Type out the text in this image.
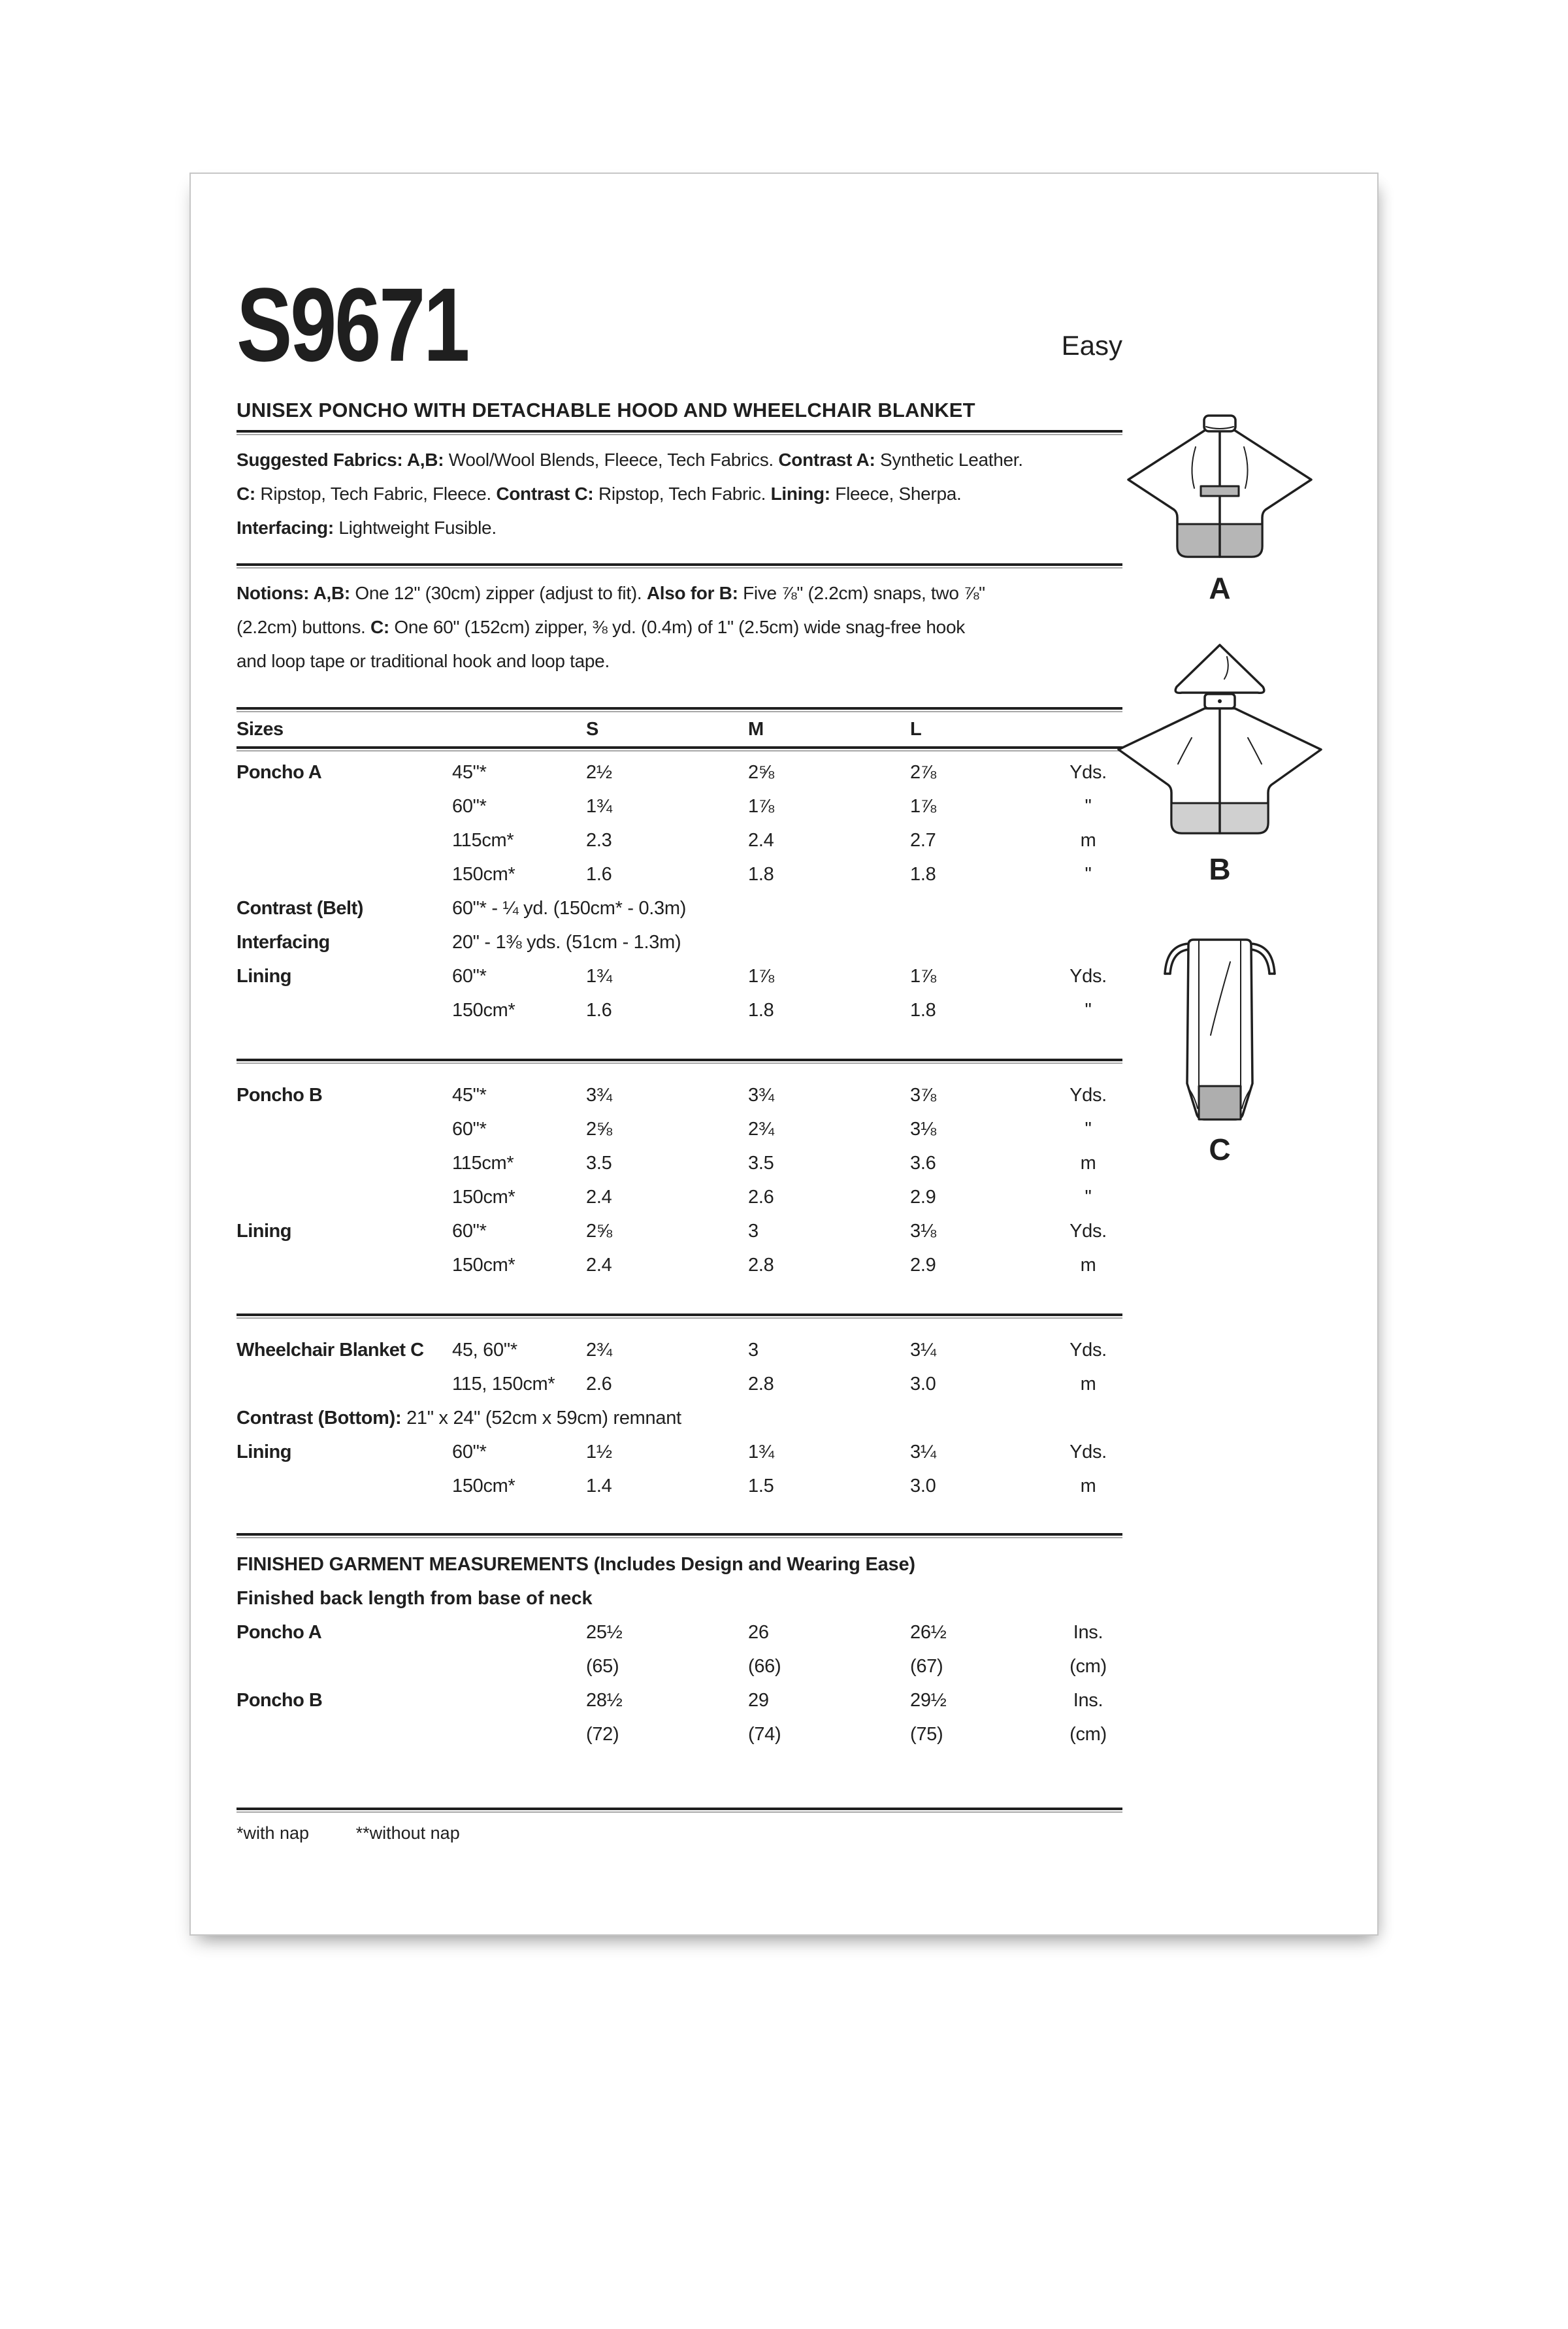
S9671	Easy
UNISEX PONCHO WITH DETACHABLE HOOD AND WHEELCHAIR BLANKET

Suggested Fabrics: A,B: Wool/Wool Blends, Fleece, Tech Fabrics. Contrast A: Synthetic Leather.
C: Ripstop, Tech Fabric, Fleece. Contrast C: Ripstop, Tech Fabric. Lining: Fleece, Sherpa.
Interfacing: Lightweight Fusible.

Notions: A,B: One 12" (30cm) zipper (adjust to fit). Also for B: Five ⅞" (2.2cm) snaps, two ⅞"
(2.2cm) buttons. C: One 60" (152cm) zipper, ⅜ yd. (0.4m) of 1" (2.5cm) wide snag-free hook
and loop tape or traditional hook and loop tape.

Sizes	S	M	L
Poncho A	45"*	2½	2⅝	2⅞	Yds.
60"*	1¾	1⅞	1⅞	"
115cm*	2.3	2.4	2.7	m
150cm*	1.6	1.8	1.8	"
Contrast (Belt)	60"* - ¼ yd. (150cm* - 0.3m)
Interfacing	20" - 1⅜ yds. (51cm - 1.3m)
Lining	60"*	1¾	1⅞	1⅞	Yds.
150cm*	1.6	1.8	1.8	"
Poncho B	45"*	3¾	3¾	3⅞	Yds.
60"*	2⅝	2¾	3⅛	"
115cm*	3.5	3.5	3.6	m
150cm*	2.4	2.6	2.9	"
Lining	60"*	2⅝	3	3⅛	Yds.
150cm*	2.4	2.8	2.9	m
Wheelchair Blanket C	45, 60"*	2¾	3	3¼	Yds.
115, 150cm*	2.6	2.8	3.0	m
Contrast (Bottom): 21" x 24" (52cm x 59cm) remnant
Lining	60"*	1½	1¾	3¼	Yds.
150cm*	1.4	1.5	3.0	m
FINISHED GARMENT MEASUREMENTS (Includes Design and Wearing Ease)
Finished back length from base of neck
Poncho A	25½	26	26½	Ins.
(65)	(66)	(67)	(cm)
Poncho B	28½	29	29½	Ins.
(72)	(74)	(75)	(cm)
*with nap	**without nap
A
B
C
